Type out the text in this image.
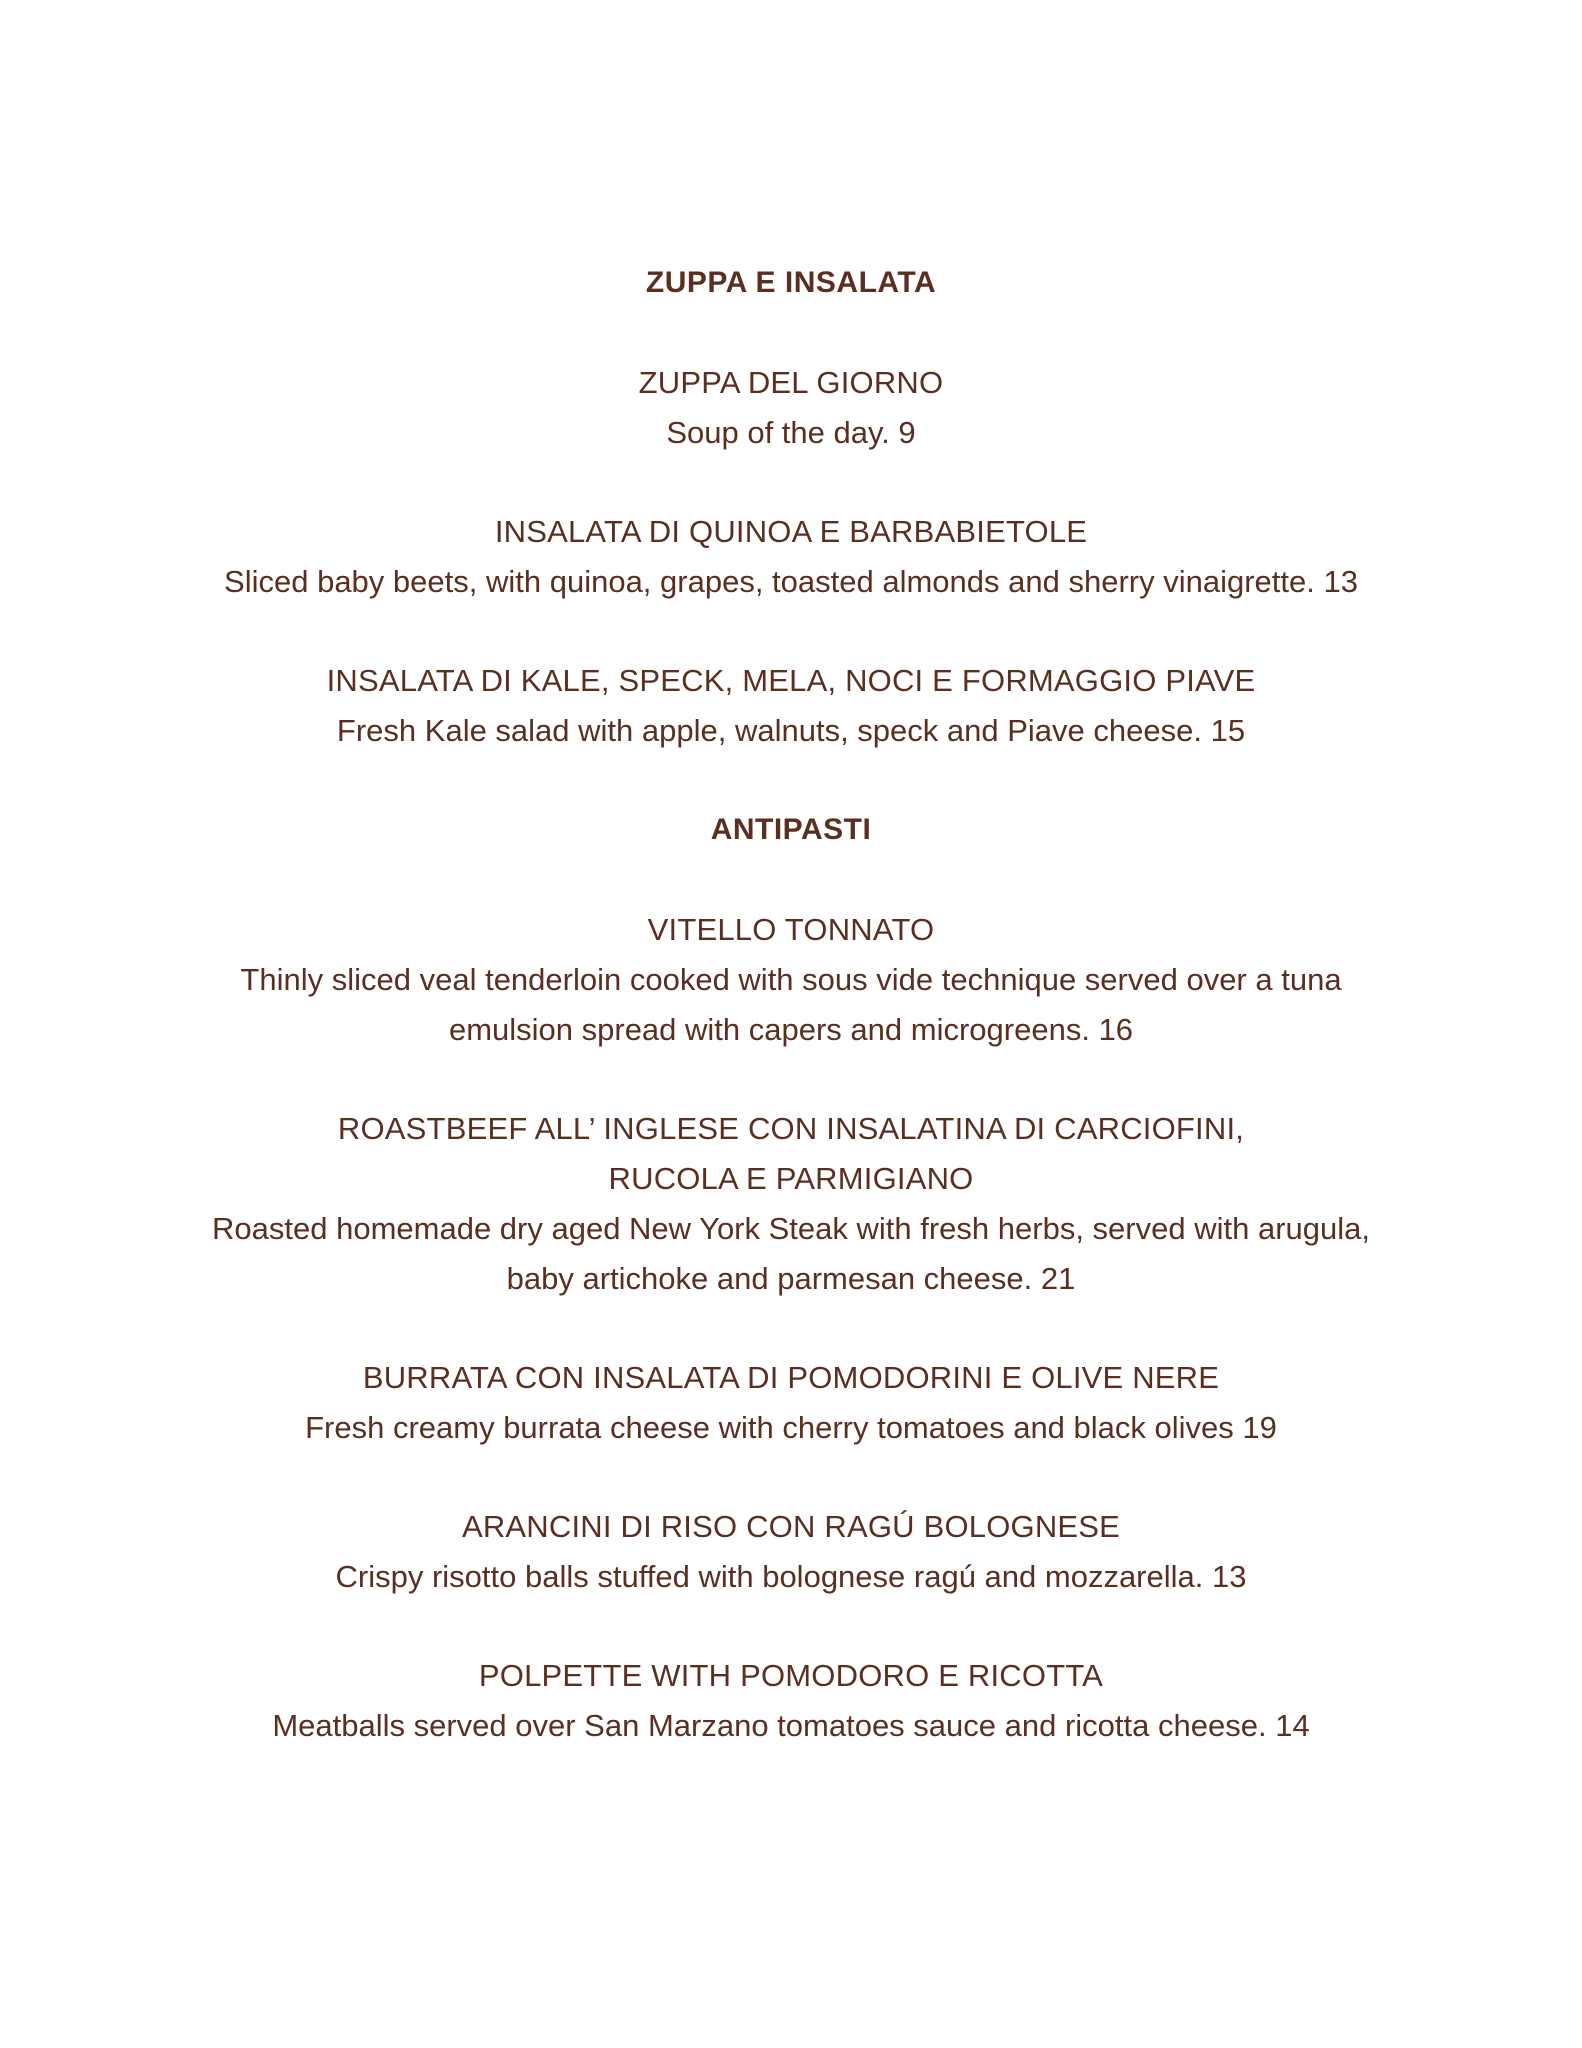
ZUPPA E INSALATA

ZUPPA DEL GIORNO

Soup of the day. 9

INSALATA DI QUINOA E BARBABIETOLE

Sliced baby beets, with quinoa, grapes, toasted almonds and sherry vinaigrette. 13

INSALATA DI KALE, SPECK, MELA, NOCI E FORMAGGIO PIAVE

Fresh Kale salad with apple, walnuts, speck and Piave cheese. 15

ANTIPASTI

VITELLO TONNATO

Thinly sliced veal tenderloin cooked with sous vide technique served over a tuna
emulsion spread with capers and microgreens. 16

ROASTBEEF ALL’ INGLESE CON INSALATINA DI CARCIOFINI,
RUCOLA E PARMIGIANO

Roasted homemade dry aged New York Steak with fresh herbs, served with arugula,
baby artichoke and parmesan cheese. 21

BURRATA CON INSALATA DI POMODORINI E OLIVE NERE

Fresh creamy burrata cheese with cherry tomatoes and black olives 19

ARANCINI DI RISO CON RAGÚ BOLOGNESE

Crispy risotto balls stuffed with bolognese ragú and mozzarella. 13

POLPETTE WITH POMODORO E RICOTTA

Meatballs served over San Marzano tomatoes sauce and ricotta cheese. 14
